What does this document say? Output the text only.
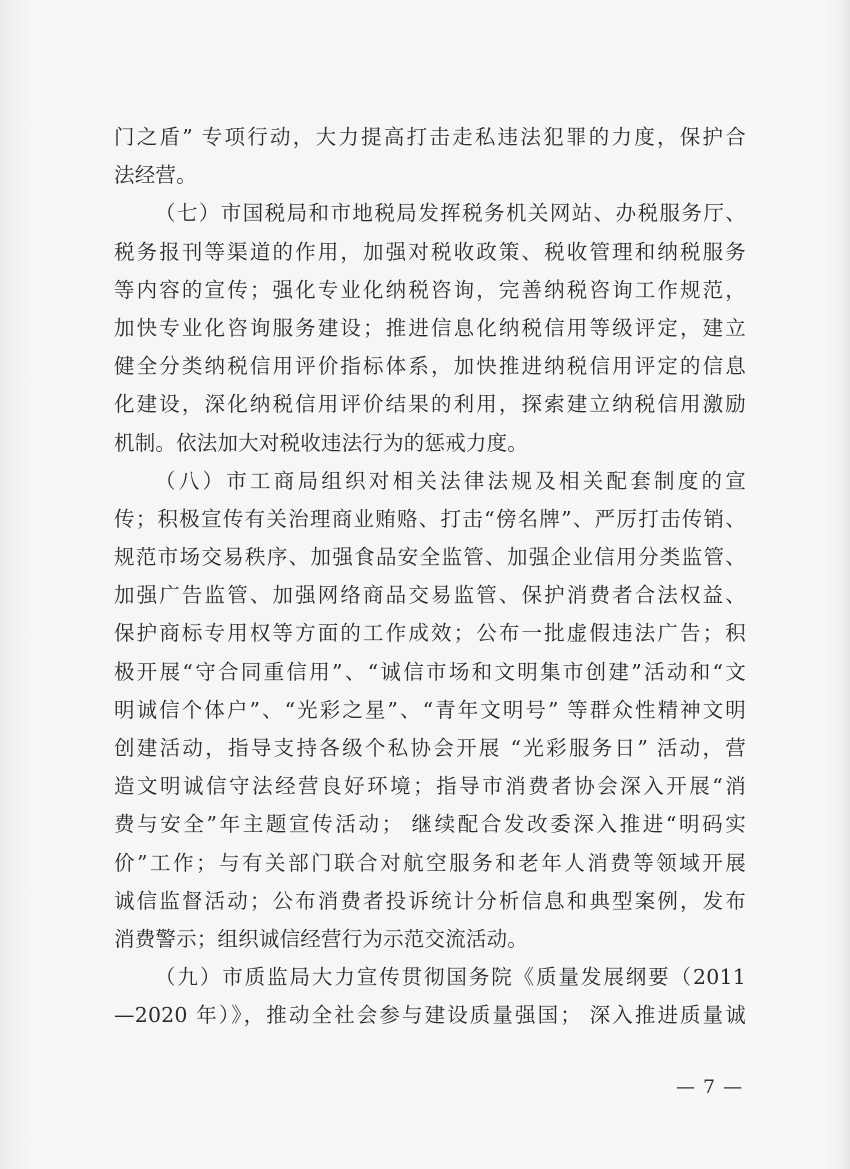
门之盾” 专项行动，大力提高打击走私违法犯罪的力度，保护合
法经营。
（七）市国税局和市地税局发挥税务机关网站、办税服务厅、
税务报刊等渠道的作用，加强对税收政策、税收管理和纳税服务
等内容的宣传；强化专业化纳税咨询，完善纳税咨询工作规范，
加快专业化咨询服务建设；推进信息化纳税信用等级评定，建立
健全分类纳税信用评价指标体系，加快推进纳税信用评定的信息
化建设，深化纳税信用评价结果的利用，探索建立纳税信用激励
机制。依法加大对税收违法行为的惩戒力度。
（八）市工商局组织对相关法律法规及相关配套制度的宣
传；积极宣传有关治理商业贿赂、打击“傍名牌”、严厉打击传销、
规范市场交易秩序、加强食品安全监管、加强企业信用分类监管、
加强广告监管、加强网络商品交易监管、保护消费者合法权益、
保护商标专用权等方面的工作成效；公布一批虚假违法广告；积
极开展“守合同重信用”、“诚信市场和文明集市创建”活动和“文
明诚信个体户”、“光彩之星”、“青年文明号” 等群众性精神文明
创建活动，指导支持各级个私协会开展 “光彩服务日” 活动，营
造文明诚信守法经营良好环境；指导市消费者协会深入开展“消
费与安全”年主题宣传活动； 继续配合发改委深入推进“明码实
价”工作；与有关部门联合对航空服务和老年人消费等领域开展
诚信监督活动；公布消费者投诉统计分析信息和典型案例，发布
消费警示；组织诚信经营行为示范交流活动。
（九）市质监局大力宣传贯彻国务院《质量发展纲要（2011
—2020 年）》，推动全社会参与建设质量强国； 深入推进质量诚
— 7 —
